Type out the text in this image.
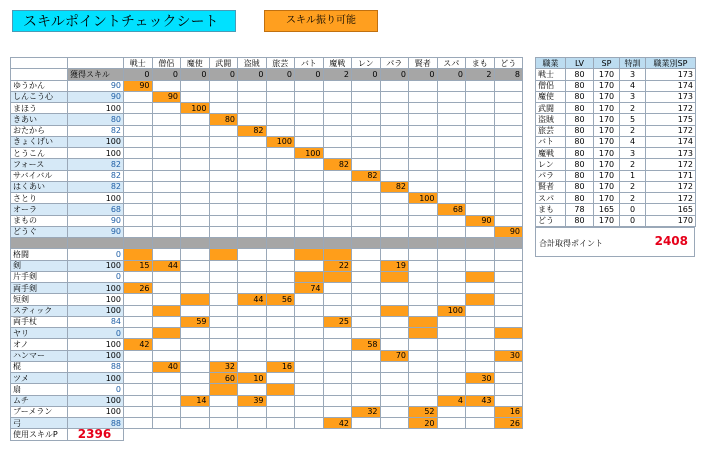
スキルポイントチェックシート	スキル振り可能
		戦士	僧侶	魔使	武闘	盗賊	旅芸	バト	魔戦	レン	パラ	賢者	スパ	まも	どう
	獲得スキル	0	0	0	0	0	0	0	2	0	0	0	0	2	8
ゆうかん	90	90													
しんこう心	90		90												
まほう	100			100											
きあい	80				80										
おたから	82					82									
きょくげい	100						100								
とうこん	100							100							
フォース	82								82						
サバイバル	82									82					
はくあい	82										82				
さとり	100											100			
オーラ	68												68		
まもの	90													90	
どうぐ	90														90

格闘	0														
剣	100	15	44						22		19				
片手剣	0														
両手剣	100	26						74							
短剣	100					44	56								
スティック	100												100		
両手杖	84			59					25						
ヤリ	0														
オノ	100	42								58					
ハンマー	100										70				30
棍	88		40		32		16								
ツメ	100				60	10								30	
扇	0														
ムチ	100			14		39							4	43	
ブーメラン	100									32		52			16
弓	88								42			20			26
使用スキルP	2396														
職業	LV	SP	特訓	職業別SP
戦士	80	170	3	173
僧侶	80	170	4	174
魔使	80	170	3	173
武闘	80	170	2	172
盗賊	80	170	5	175
旅芸	80	170	2	172
バト	80	170	4	174
魔戦	80	170	3	173
レン	80	170	2	172
パラ	80	170	1	171
賢者	80	170	2	172
スパ	80	170	2	172
まも	78	165	0	165
どう	80	170	0	170
合計取得ポイント	2408
